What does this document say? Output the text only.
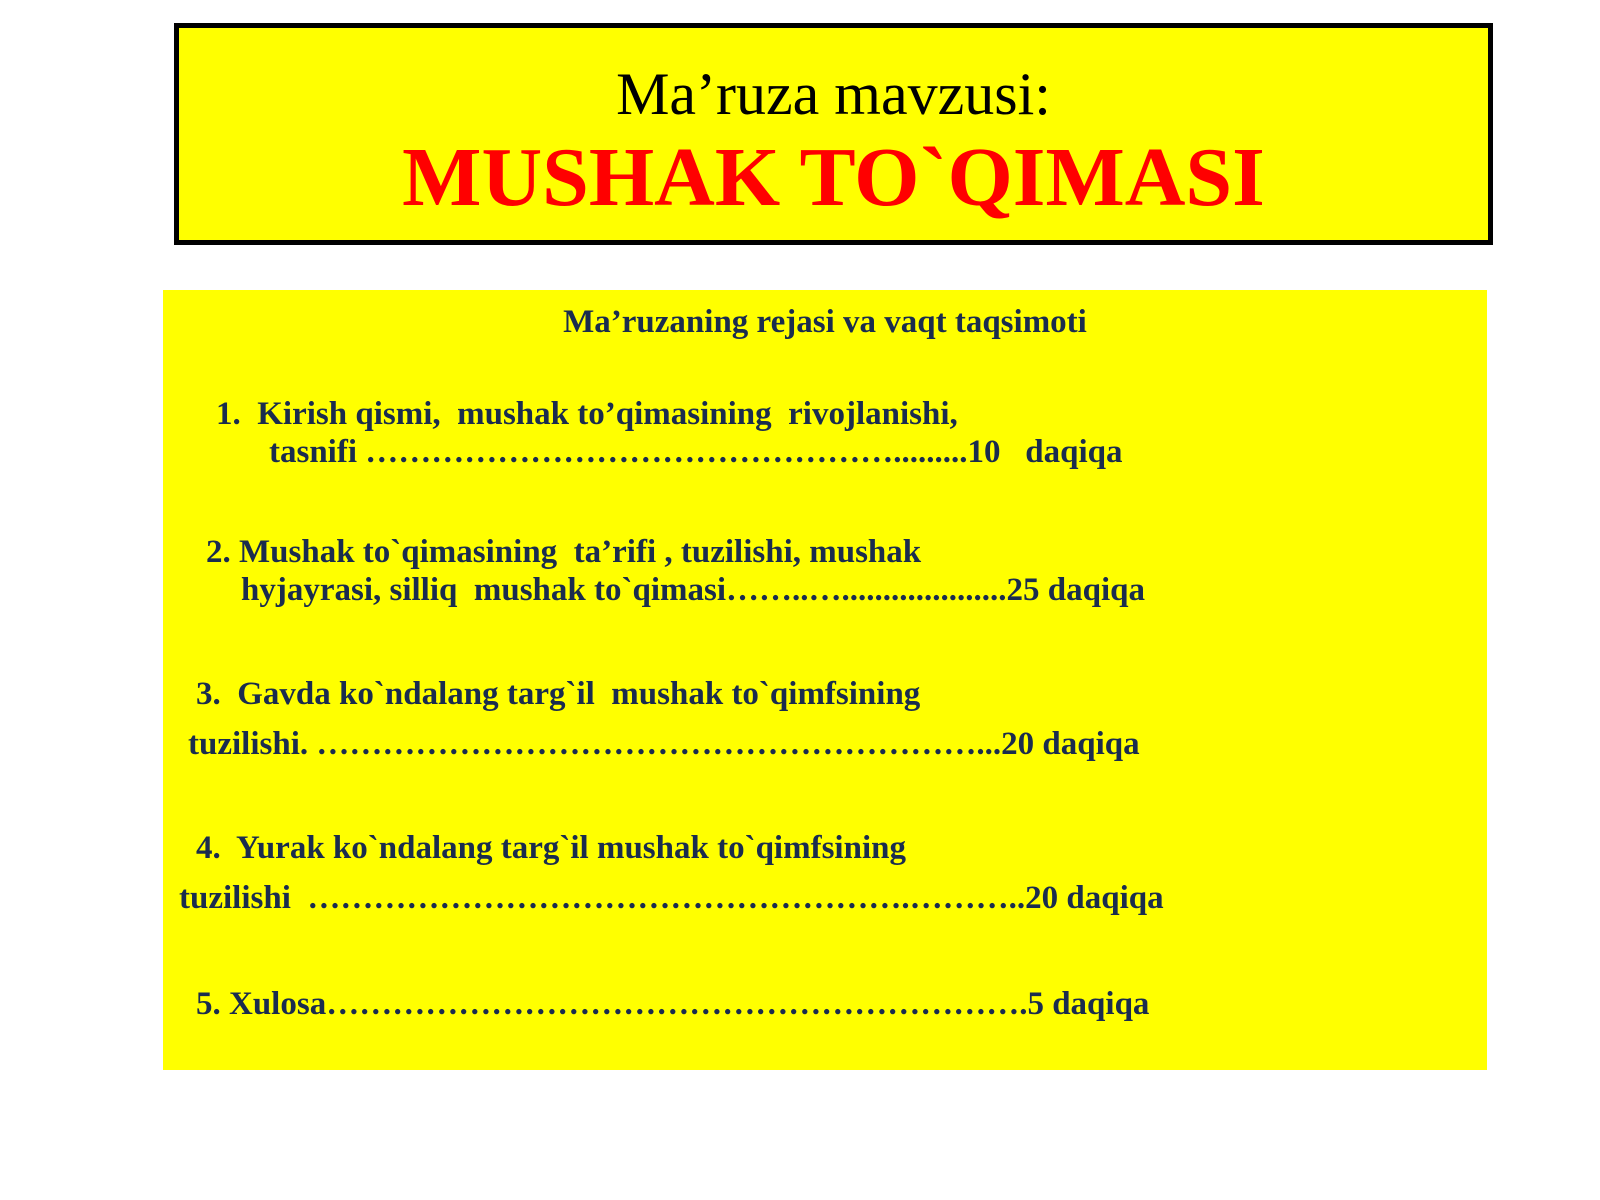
Ma’ruza mavzusi:
MUSHAK TO`QIMASI
Ma’ruzaning rejasi va vaqt taqsimoti
1.  Kirish qismi,  mushak to’qimasining  rivojlanishi,
tasnifi ………………………………………….........10   daqiqa
2. Mushak to`qimasining  ta’rifi , tuzilishi, mushak
hyjayrasi, silliq  mushak to`qimasi……..…....................25 daqiqa
3.  Gavda ko`ndalang targ`il  mushak to`qimfsining
tuzilishi. ……………………………………………………...20 daqiqa
4.  Yurak ko`ndalang targ`il mushak to`qimfsining
tuzilishi  ……………………………………………….………..20 daqiqa
5. Xulosa……………………………………………………….5 daqiqa
